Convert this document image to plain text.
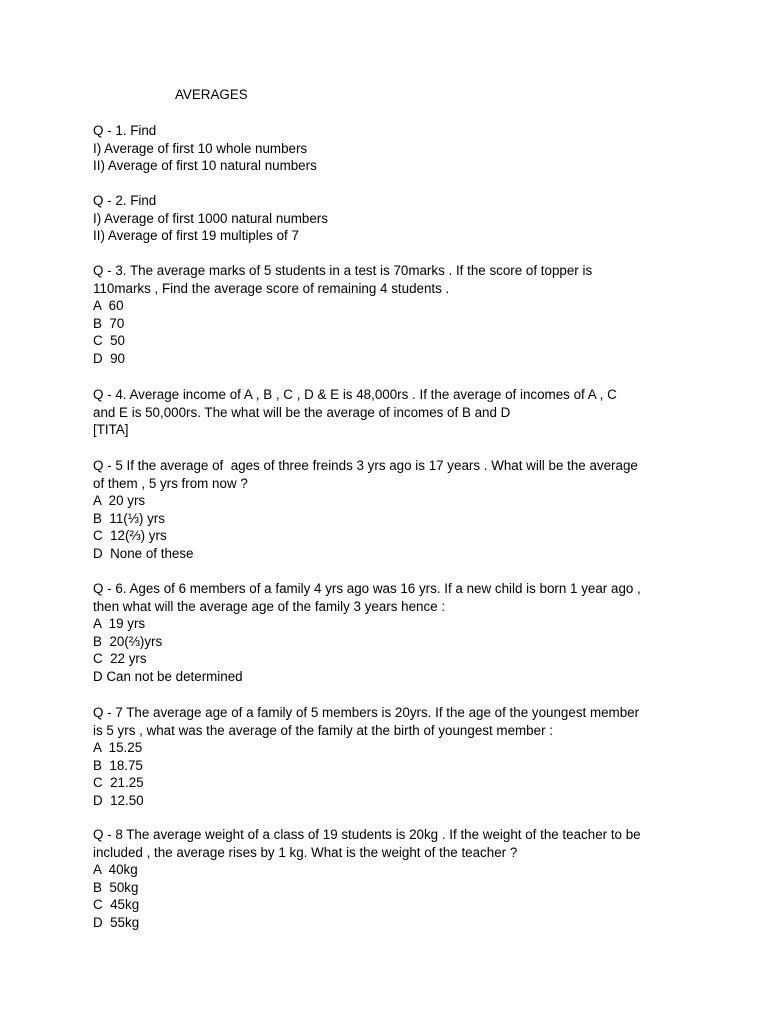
AVERAGES
Q - 1. Find
I) Average of first 10 whole numbers
II) Average of first 10 natural numbers
Q - 2. Find
I) Average of first 1000 natural numbers
II) Average of first 19 multiples of 7
Q - 3. The average marks of 5 students in a test is 70marks . If the score of topper is
110marks , Find the average score of remaining 4 students .
A  60
B  70
C  50
D  90
Q - 4. Average income of A , B , C , D & E is 48,000rs . If the average of incomes of A , C
and E is 50,000rs. The what will be the average of incomes of B and D
[TITA]
Q - 5 If the average of  ages of three freinds 3 yrs ago is 17 years . What will be the average
of them , 5 yrs from now ?
A  20 yrs
B  11(⅓) yrs
C  12(⅔) yrs
D  None of these
Q - 6. Ages of 6 members of a family 4 yrs ago was 16 yrs. If a new child is born 1 year ago ,
then what will the average age of the family 3 years hence :
A  19 yrs
B  20(⅔)yrs
C  22 yrs
D Can not be determined
Q - 7 The average age of a family of 5 members is 20yrs. If the age of the youngest member
is 5 yrs , what was the average of the family at the birth of youngest member :
A  15.25
B  18.75
C  21.25
D  12.50
Q - 8 The average weight of a class of 19 students is 20kg . If the weight of the teacher to be
included , the average rises by 1 kg. What is the weight of the teacher ?
A  40kg
B  50kg
C  45kg
D  55kg
